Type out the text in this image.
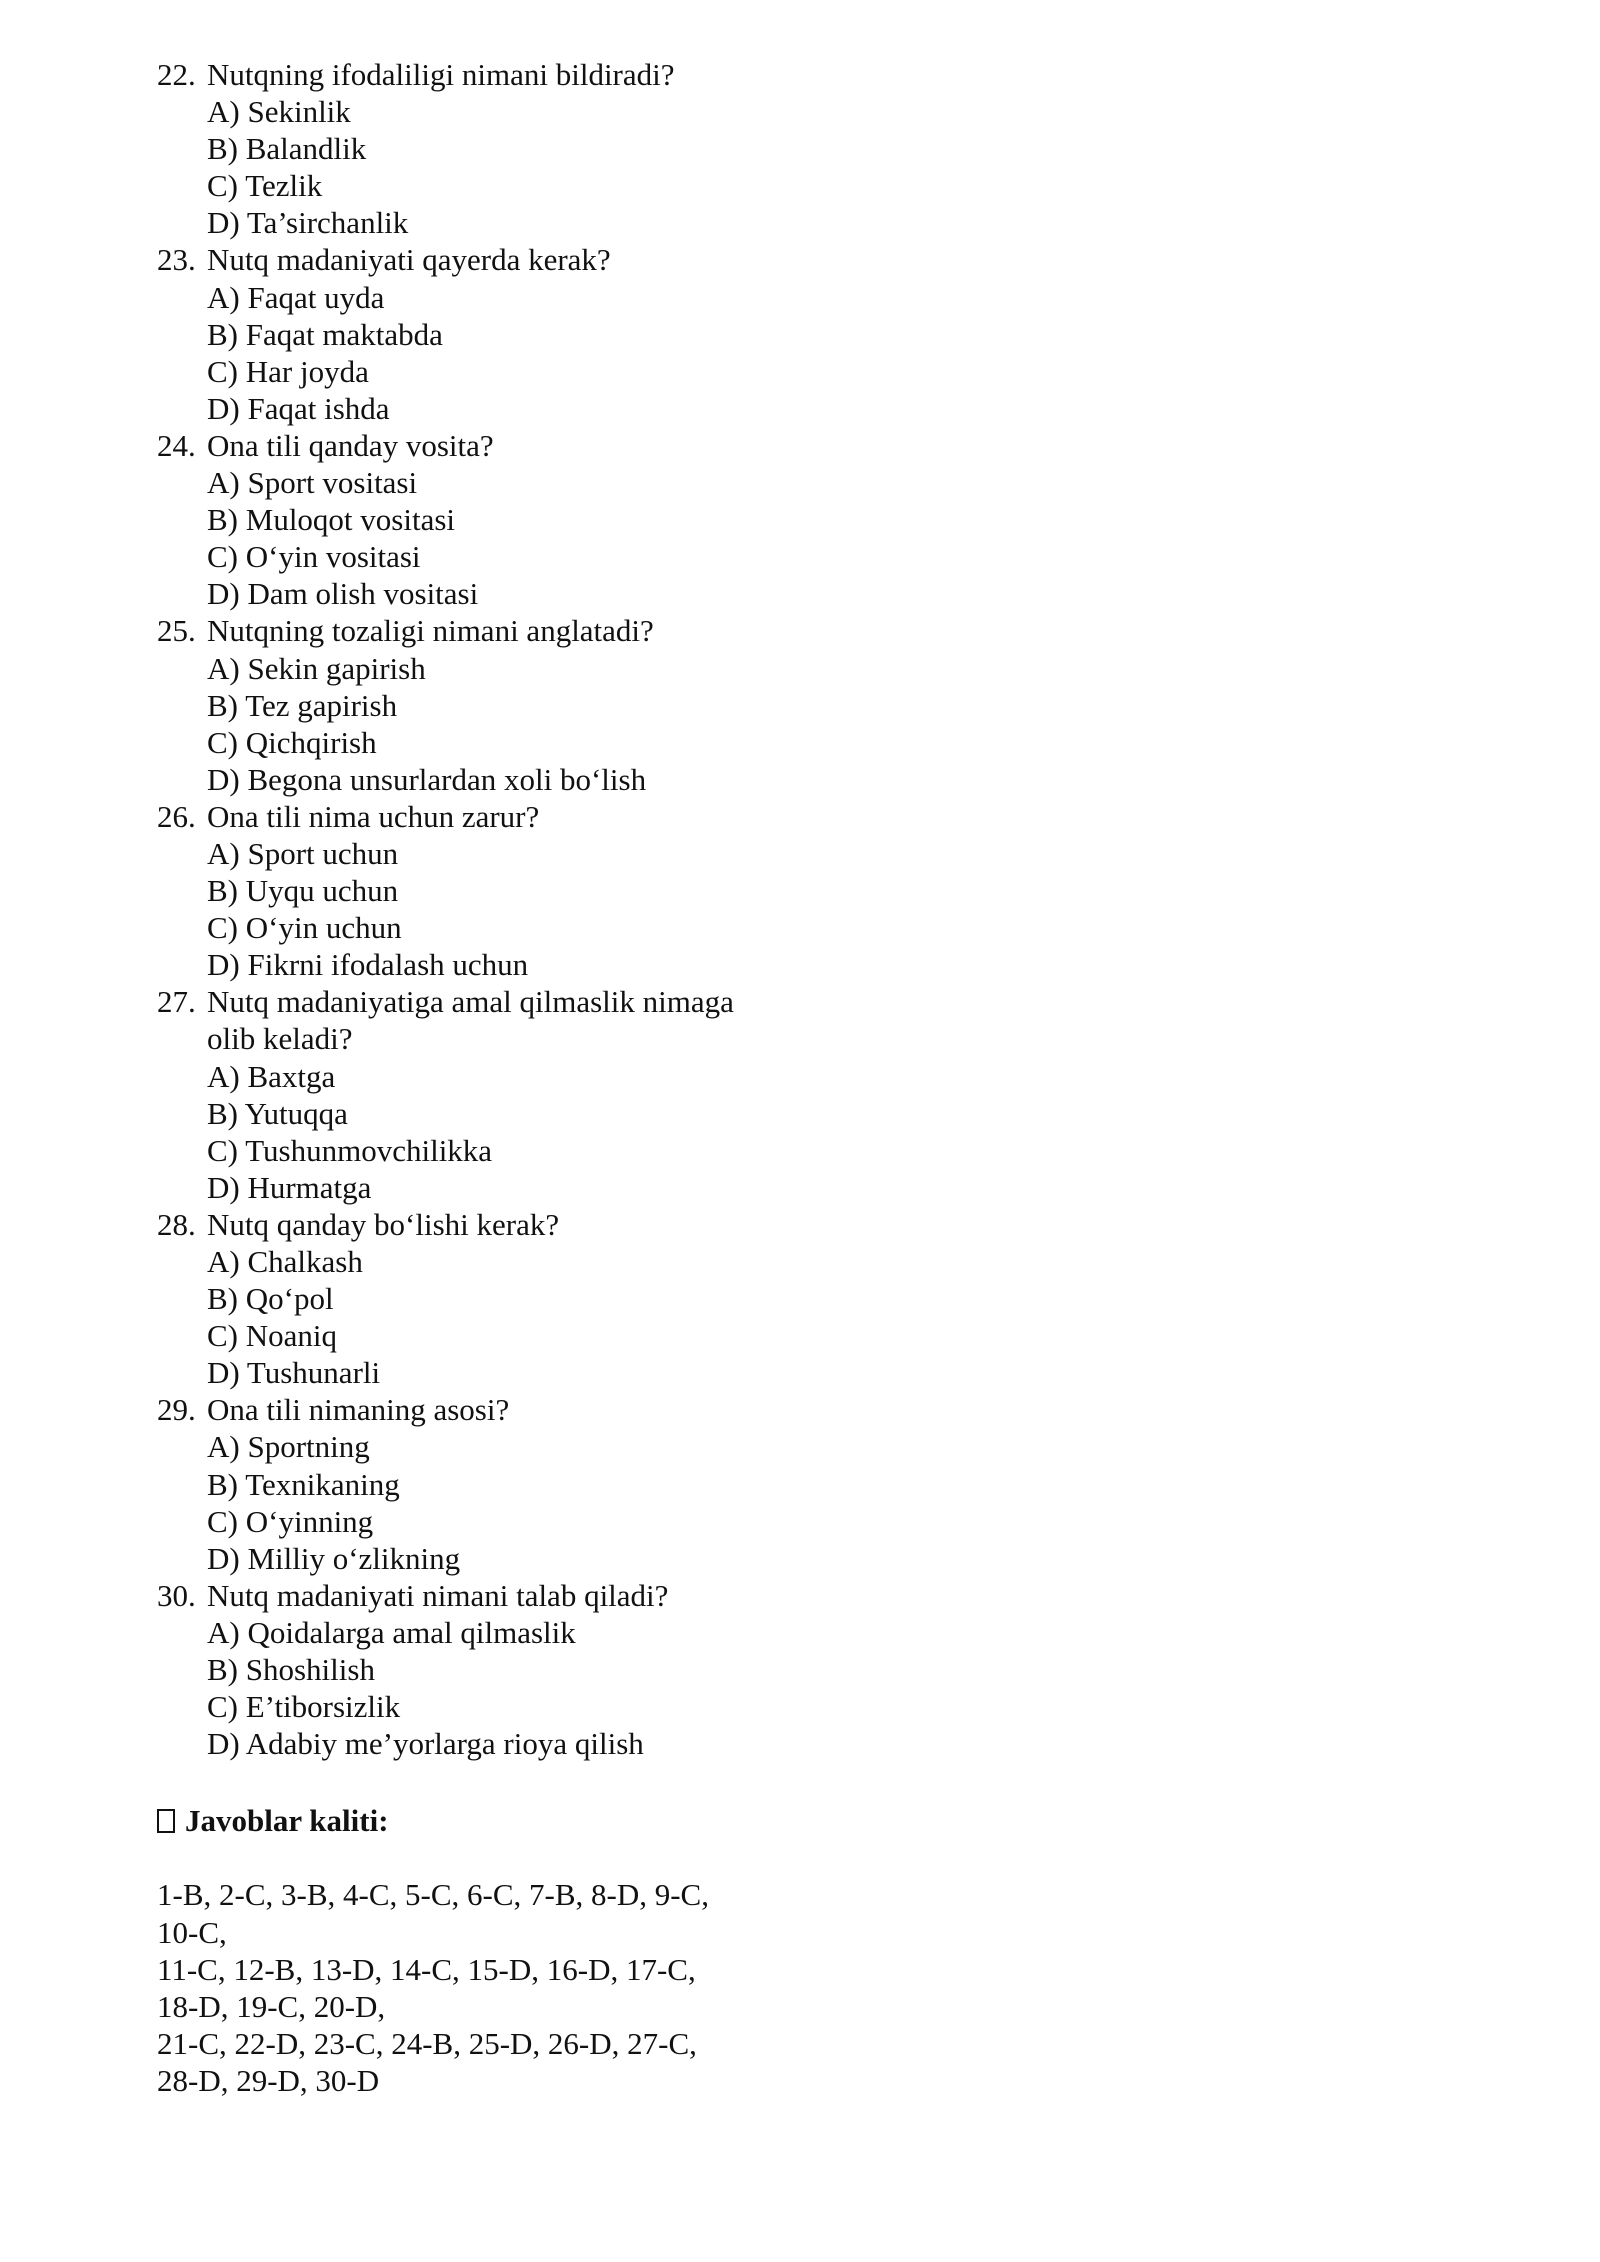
22. Nutqning ifodaliligi nimani bildiradi?
A) Sekinlik
B) Balandlik
C) Tezlik
D) Ta’sirchanlik
23. Nutq madaniyati qayerda kerak?
A) Faqat uyda
B) Faqat maktabda
C) Har joyda
D) Faqat ishda
24. Ona tili qanday vosita?
A) Sport vositasi
B) Muloqot vositasi
C) O‘yin vositasi
D) Dam olish vositasi
25. Nutqning tozaligi nimani anglatadi?
A) Sekin gapirish
B) Tez gapirish
C) Qichqirish
D) Begona unsurlardan xoli bo‘lish
26. Ona tili nima uchun zarur?
A) Sport uchun
B) Uyqu uchun
C) O‘yin uchun
D) Fikrni ifodalash uchun
27. Nutq madaniyatiga amal qilmaslik nimaga
olib keladi?
A) Baxtga
B) Yutuqqa
C) Tushunmovchilikka
D) Hurmatga
28. Nutq qanday bo‘lishi kerak?
A) Chalkash
B) Qo‘pol
C) Noaniq
D) Tushunarli
29. Ona tili nimaning asosi?
A) Sportning
B) Texnikaning
C) O‘yinning
D) Milliy o‘zlikning
30. Nutq madaniyati nimani talab qiladi?
A) Qoidalarga amal qilmaslik
B) Shoshilish
C) E’tiborsizlik
D) Adabiy me’yorlarga rioya qilish
Javoblar kaliti:
1-B, 2-C, 3-B, 4-C, 5-C, 6-C, 7-B, 8-D, 9-C,
10-C,
11-C, 12-B, 13-D, 14-C, 15-D, 16-D, 17-C,
18-D, 19-C, 20-D,
21-C, 22-D, 23-C, 24-B, 25-D, 26-D, 27-C,
28-D, 29-D, 30-D
